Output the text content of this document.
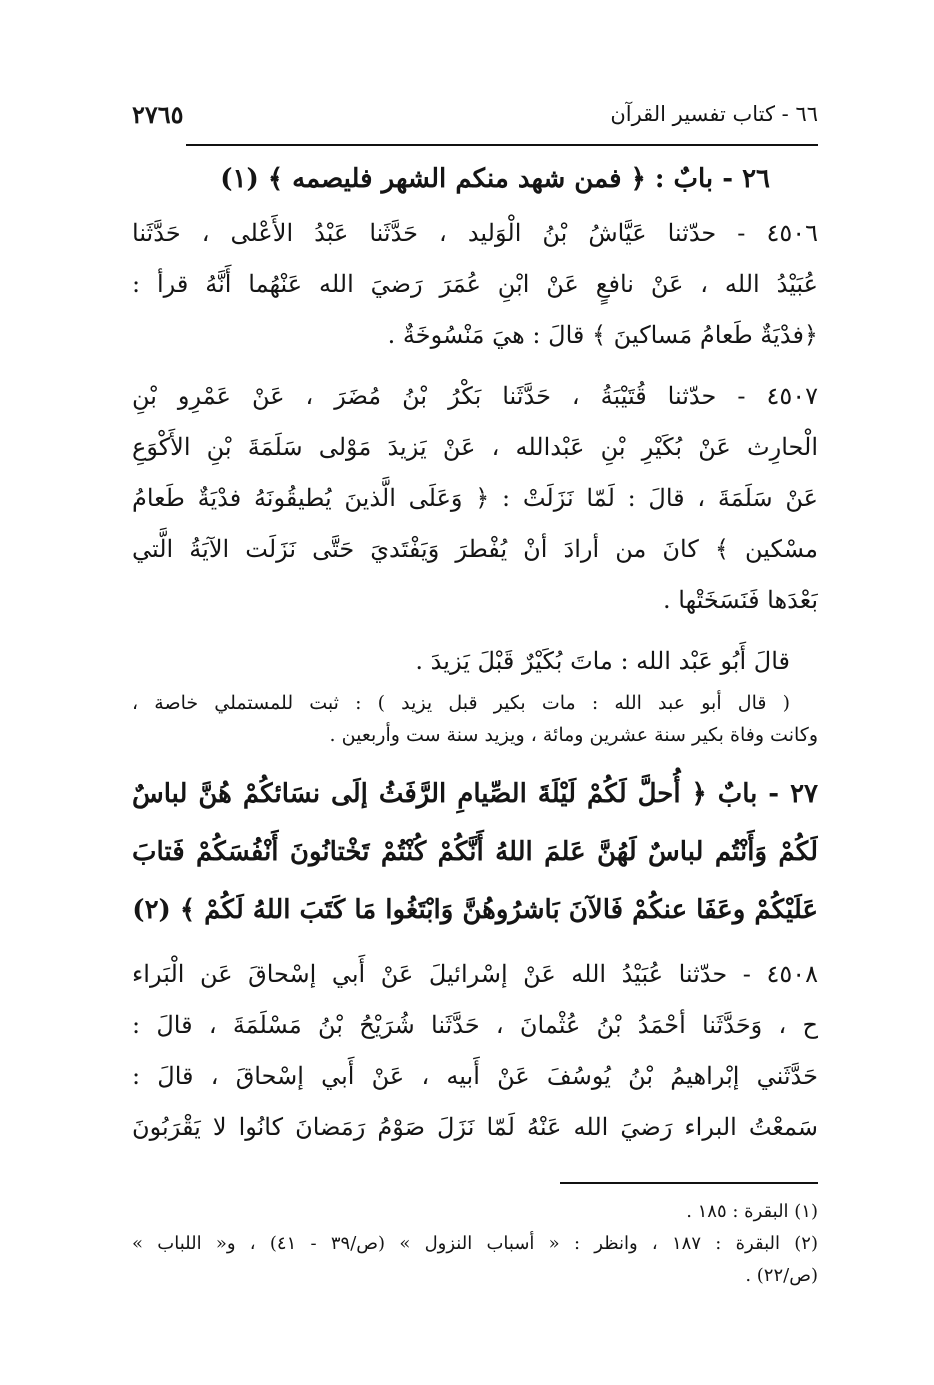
٢٧٦٥	٦٦ - كتاب تفسير القرآن
٢٦ - بابٌ : ﴿ فمن شهد منكم الشهر فليصمه ﴾ (١)
٤٥٠٦ - حدّثنا عَيَّاشُ بْنُ الْوَليد ، حَدَّثَنا عَبْدُ الأَعْلى ، حَدَّثَنا
عُبَيْدُ الله ، عَنْ نافعٍ عَنْ ابْنِ عُمَرَ رَضيَ الله عَنْهُما أَنَّهُ قرأ :
﴿فدْيَةٌ طَعامُ مَساكينَ ﴾ قالَ : هيَ مَنْسُوخَةٌ .
٤٥٠٧ - حدّثنا قُتَيْبَةُ ، حَدَّثَنا بَكْرُ بْنُ مُضَرَ ، عَنْ عَمْرِو بْنِ
الْحارِث عَنْ بُكَيْرِ بْنِ عَبْدالله ، عَنْ يَزيدَ مَوْلى سَلَمَةَ بْنِ الأَكْوَعِ
عَنْ سَلَمَةَ ، قالَ : لَمّا نَزَلَتْ : ﴿ وَعَلَى الَّذينَ يُطيقُونَهُ فدْيَةٌ طَعامُ
مسْكين ﴾ كانَ من أرادَ أنْ يُفْطرَ وَيَفْتَديَ حَتَّى نَزَلَت الآيَةُ الَّتي
بَعْدَها فَنَسَخَتْها .
قالَ أَبُو عَبْد الله : ماتَ بُكَيْرٌ قَبْلَ يَزيدَ .
( قال أبو عبد الله : مات بكير قبل يزيد ) : ثبت للمستملي خاصة ،
وكانت وفاة بكير سنة عشرين ومائة ، ويزيد سنة ست وأربعين .
٢٧ - بابٌ ﴿ أُحلَّ لَكُمْ لَيْلَةَ الصِّيامِ الرَّفَثُ إلَى نسَائكُمْ هُنَّ لباسٌ
لَكُمْ وَأَنْتُم لباسٌ لَهُنَّ عَلمَ اللهُ أَنَّكُمْ كُنْتُمْ تَخْتانُونَ أَنْفُسَكُمْ فَتابَ
عَلَيْكُمْ وعَفَا عنكُمْ فَالآنَ بَاشرُوهُنَّ وَابْتَغُوا مَا كَتَبَ اللهُ لَكُمْ ﴾ (٢)
٤٥٠٨ - حدّثنا عُبَيْدُ الله عَنْ إسْرائيلَ عَنْ أَبي إسْحاقَ عَن الْبَراء
ح ، وَحَدَّثَنا أحْمَدُ بْنُ عُثْمانَ ، حَدَّثَنا شُرَيْحُ بْنُ مَسْلَمَةَ ، قالَ :
حَدَّثَني إبْراهيمُ بْنُ يُوسُفَ عَنْ أَبيه ، عَنْ أَبي إسْحاقَ ، قالَ :
سَمعْتُ البراء رَضيَ الله عَنْهُ لَمّا نَزَلَ صَوْمُ رَمَضانَ كانُوا لا يَقْرَبُونَ
(١) البقرة : ١٨٥ .
(٢) البقرة : ١٨٧ ، وانظر : « أسباب النزول » (ص/٣٩ - ٤١) ، و« اللباب »
(ص/٢٢) .
